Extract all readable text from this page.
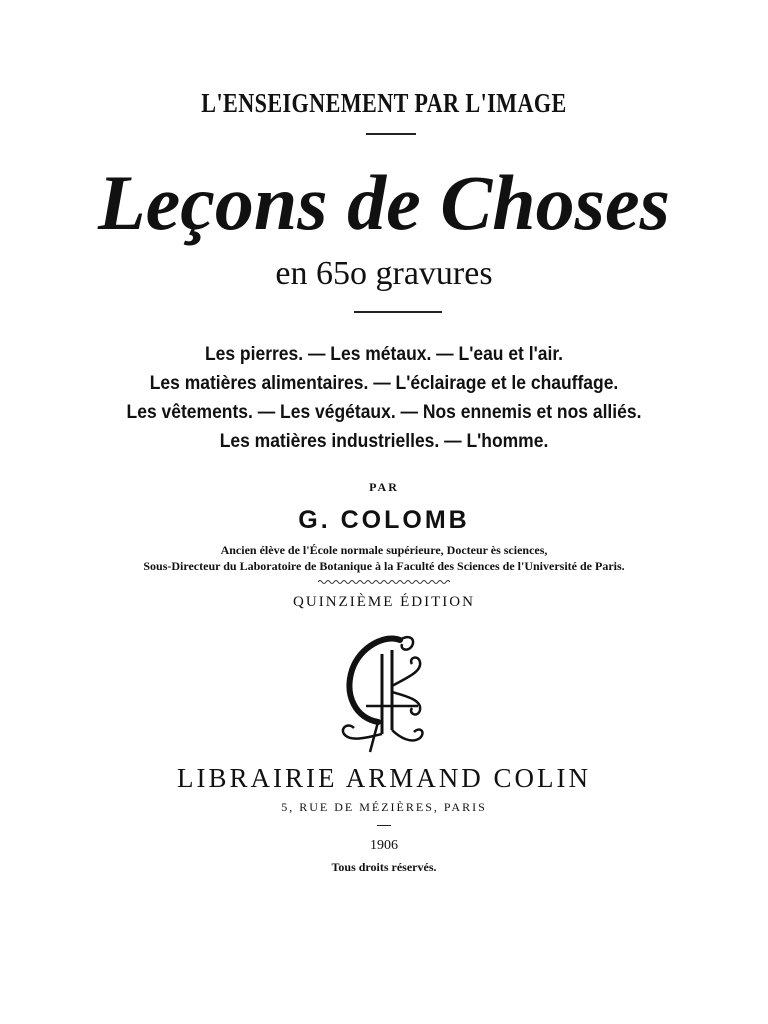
L'ENSEIGNEMENT PAR L'IMAGE
Leçons de Choses
en 65o gravures
Les pierres. — Les métaux. — L'eau et l'air.
Les matières alimentaires. — L'éclairage et le chauffage.
Les vêtements. — Les végétaux. — Nos ennemis et nos alliés.
Les matières industrielles. — L'homme.
PAR
G. COLOMB
Ancien élève de l'École normale supérieure, Docteur ès sciences,
Sous-Directeur du Laboratoire de Botanique à la Faculté des Sciences de l'Université de Paris.
QUINZIÈME ÉDITION
LIBRAIRIE ARMAND COLIN
5, RUE DE MÉZIÈRES, PARIS
1906
Tous droits réservés.
